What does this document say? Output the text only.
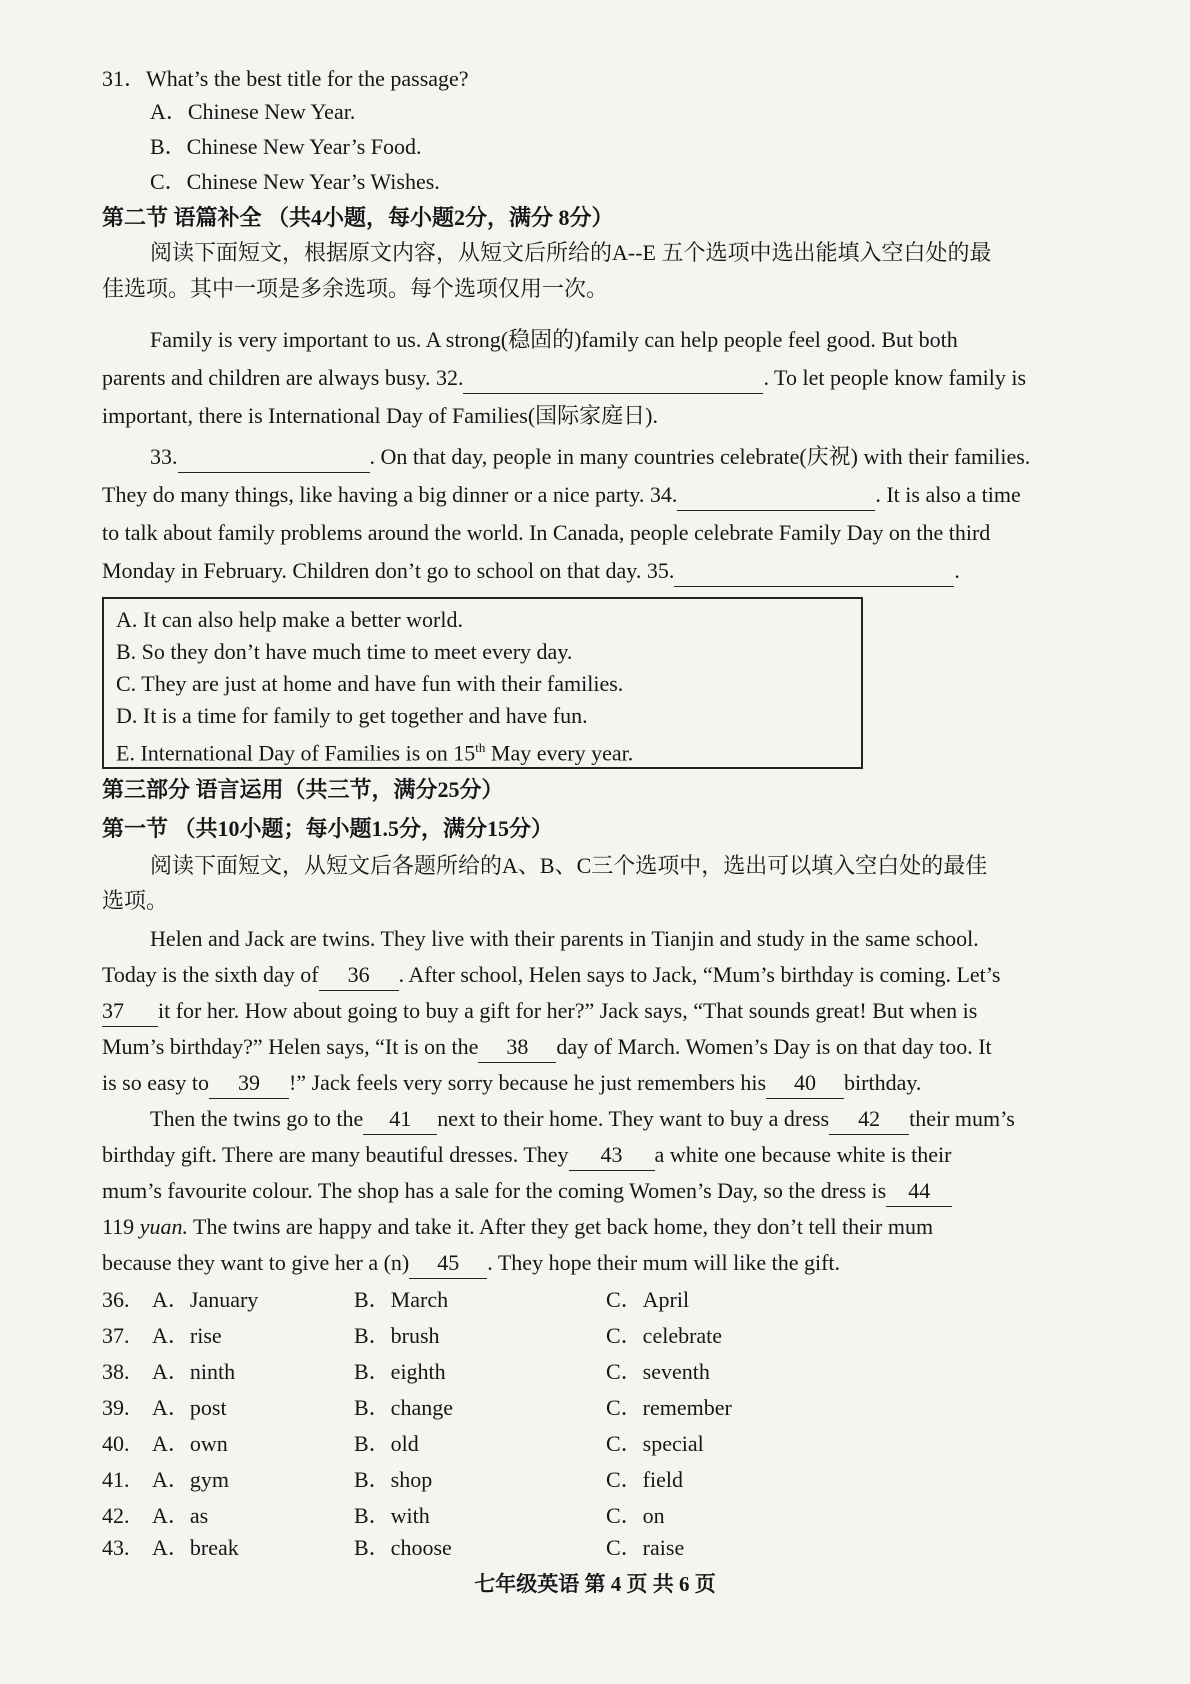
31．What’s the best title for the passage?
A．Chinese New Year.
B．Chinese New Year’s Food.
C．Chinese New Year’s Wishes.
第二节 语篇补全 （共4小题，每小题2分，满分 8分）
阅读下面短文，根据原文内容，从短文后所给的A--E 五个选项中选出能填入空白处的最
佳选项。其中一项是多余选项。每个选项仅用一次。
Family is very important to us. A strong(稳固的)family can help people feel good. But both
parents and children are always busy. 32.	. To let people know family is
important, there is International Day of Families(国际家庭日).
33.	. On that day, people in many countries celebrate(庆祝) with their families.
They do many things, like having a big dinner or a nice party. 34.	. It is also a time
to talk about family problems around the world. In Canada, people celebrate Family Day on the third
Monday in February. Children don’t go to school on that day. 35.	.
A. It can also help make a better world.
B. So they don’t have much time to meet every day.
C. They are just at home and have fun with their families.
D. It is a time for family to get together and have fun.
E. International Day of Families is on 15th May every year.
第三部分 语言运用（共三节，满分25分）
第一节 （共10小题；每小题1.5分，满分15分）
阅读下面短文，从短文后各题所给的A、B、C三个选项中，选出可以填入空白处的最佳
选项。
Helen and Jack are twins. They live with their parents in Tianjin and study in the same school.
Today is the sixth day of 36 . After school, Helen says to Jack, “Mum’s birthday is coming. Let’s
37 it for her. How about going to buy a gift for her?” Jack says, “That sounds great! But when is
Mum’s birthday?” Helen says, “It is on the 38 day of March. Women’s Day is on that day too. It
is so easy to 39 !” Jack feels very sorry because he just remembers his 40 birthday.
Then the twins go to the 41 next to their home. They want to buy a dress 42 their mum’s
birthday gift. There are many beautiful dresses. They 43 a white one because white is their
mum’s favourite colour. The shop has a sale for the coming Women’s Day, so the dress is 44
119 yuan. The twins are happy and take it. After they get back home, they don’t tell their mum
because they want to give her a (n) 45 . They hope their mum will like the gift.
36. A．January	B．March	C．April
37. A．rise	B．brush	C．celebrate
38. A．ninth	B．eighth	C．seventh
39. A．post	B．change	C．remember
40. A．own	B．old	C．special
41. A．gym	B．shop	C．field
42. A．as	B．with	C．on
43. A．break	B．choose	C．raise
七年级英语 第 4 页 共 6 页
